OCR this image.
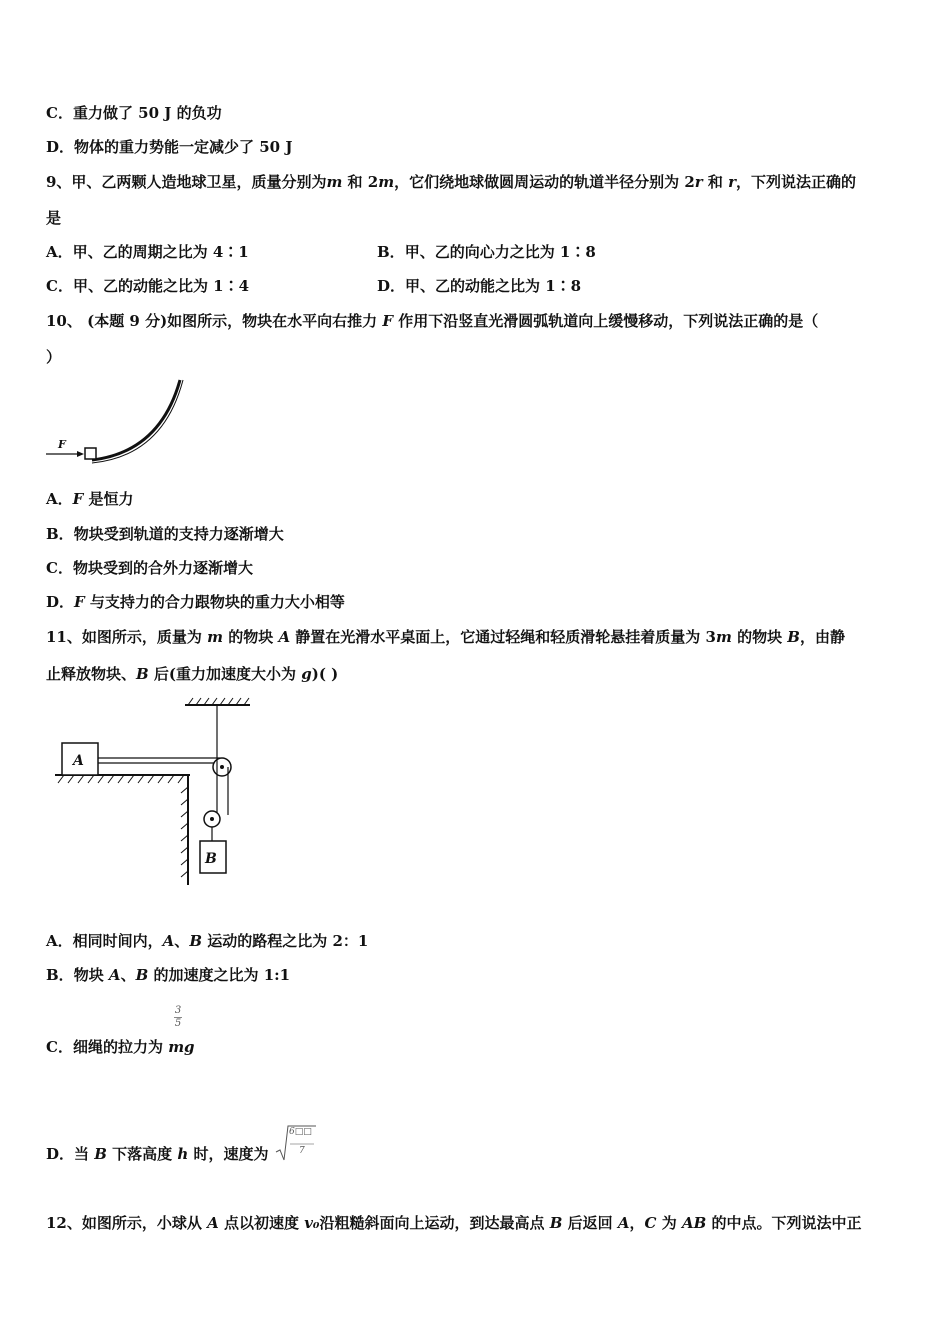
C．重力做了 50 J 的负功
D．物体的重力势能一定减少了 50 J
9、甲、乙两颗人造地球卫星，质量分别为m 和 2m，它们绕地球做圆周运动的轨道半径分别为 2r 和 r，下列说法正确的
是
A．甲、乙的周期之比为 4∶1	B．甲、乙的向心力之比为 1∶8
C．甲、乙的动能之比为 1∶4	D．甲、乙的动能之比为 1∶8
10、 (本题 9 分)如图所示，物块在水平向右推力 F 作用下沿竖直光滑圆弧轨道向上缓慢移动，下列说法正确的是（
）
F
A．F 是恒力
B．物块受到轨道的支持力逐渐增大
C．物块受到的合外力逐渐增大
D．F 与支持力的合力跟物块的重力大小相等
11、如图所示，质量为 m 的物块 A 静置在光滑水平桌面上，它通过轻绳和轻质滑轮悬挂着质量为 3m 的物块 B，由静
止释放物块、B 后(重力加速度大小为 g)( )
A
B
A．相同时间内，A、B 运动的路程之比为 2：1
B．物块 A、B 的加速度之比为 1:1
3
5
C．细绳的拉力为 mg
D．当 B 下落高度 h 时，速度为
6□□
7
12、如图所示，小球从 A 点以初速度 v₀沿粗糙斜面向上运动，到达最高点 B 后返回 A，C 为 AB 的中点。下列说法中正
